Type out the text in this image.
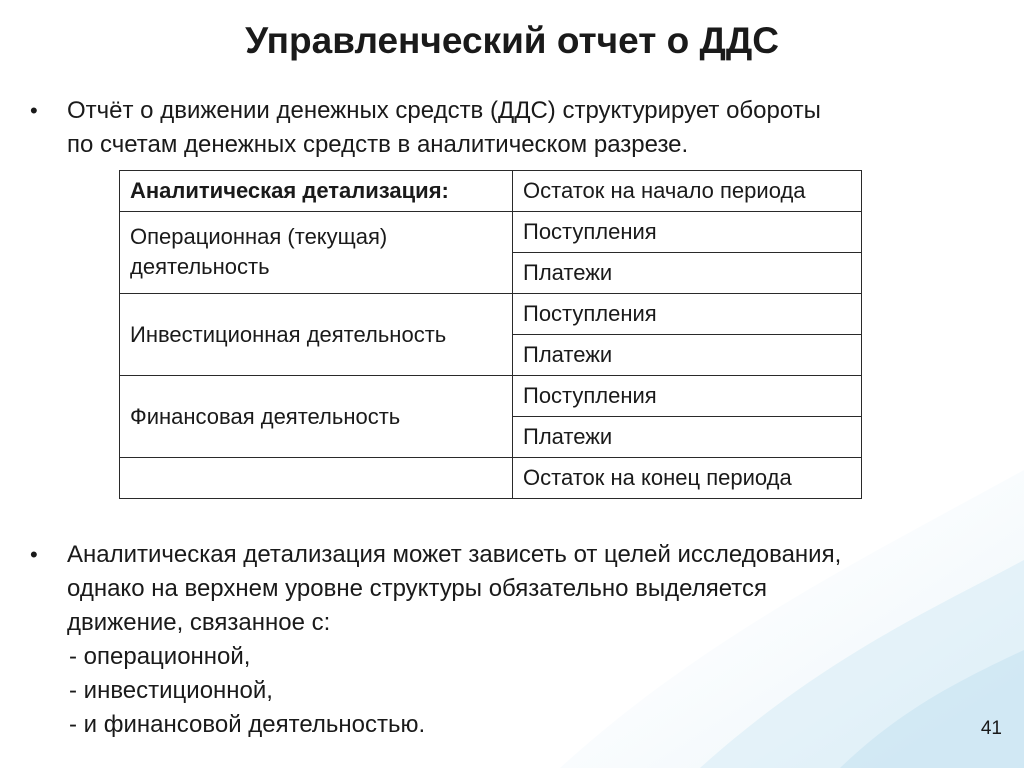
Управленческий отчет о ДДС
• Отчёт о движении денежных средств (ДДС) структурирует обороты
по счетам денежных средств в аналитическом разрезе.
Аналитическая детализация:	Остаток на начало периода
Операционная (текущая) деятельность	Поступления
	Платежи
Инвестиционная деятельность	Поступления
	Платежи
Финансовая деятельность	Поступления
	Платежи
	Остаток на конец периода
• Аналитическая детализация может зависеть от целей исследования,
однако на верхнем уровне структуры обязательно выделяется
движение, связанное с:
- операционной,
- инвестиционной,
- и финансовой деятельностью.	41
